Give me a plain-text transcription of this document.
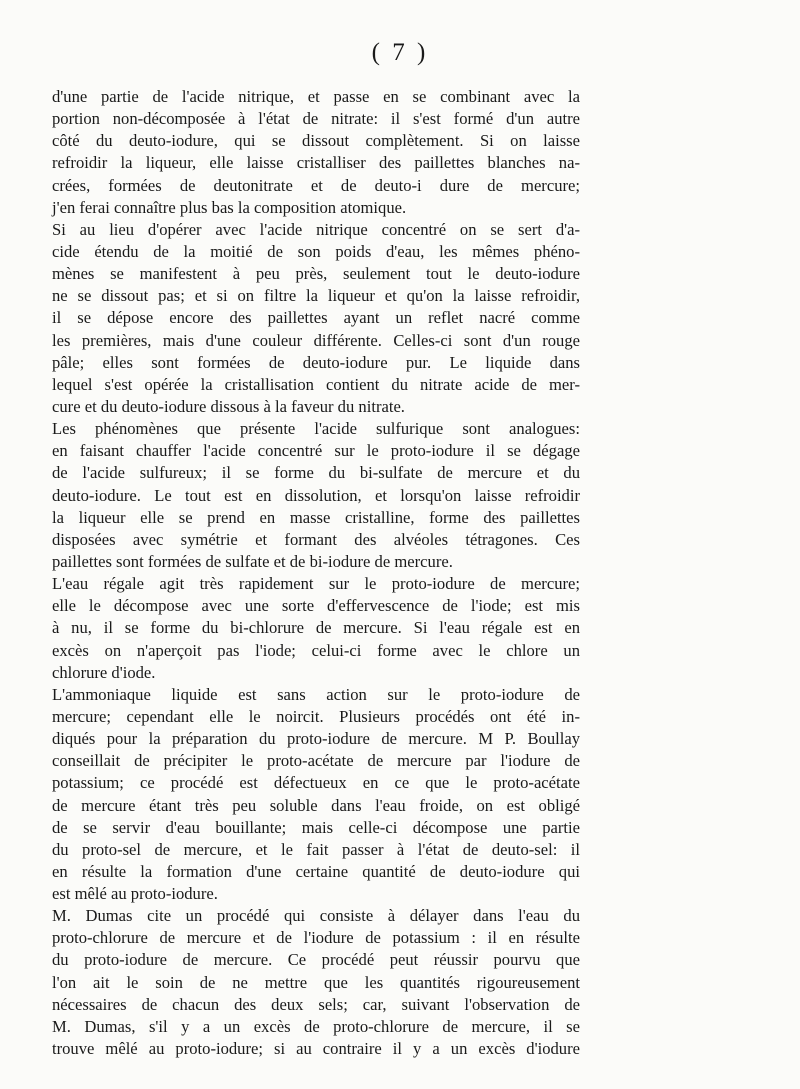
( 7 )
d'une partie de l'acide nitrique, et passe en se combinant avec la
portion non-décomposée à l'état de nitrate: il s'est formé d'un autre
côté du deuto-iodure, qui se dissout complètement. Si on laisse
refroidir la liqueur, elle laisse cristalliser des paillettes blanches na-
crées, formées de deutonitrate et de deuto-i dure de mercure;
j'en ferai connaître plus bas la composition atomique.
Si au lieu d'opérer avec l'acide nitrique concentré on se sert d'a-
cide étendu de la moitié de son poids d'eau, les mêmes phéno-
mènes se manifestent à peu près, seulement tout le deuto-iodure
ne se dissout pas; et si on filtre la liqueur et qu'on la laisse refroidir,
il se dépose encore des paillettes ayant un reflet nacré comme
les premières, mais d'une couleur différente. Celles-ci sont d'un rouge
pâle; elles sont formées de deuto-iodure pur. Le liquide dans
lequel s'est opérée la cristallisation contient du nitrate acide de mer-
cure et du deuto-iodure dissous à la faveur du nitrate.
Les phénomènes que présente l'acide sulfurique sont analogues:
en faisant chauffer l'acide concentré sur le proto-iodure il se dégage
de l'acide sulfureux; il se forme du bi-sulfate de mercure et du
deuto-iodure. Le tout est en dissolution, et lorsqu'on laisse refroidir
la liqueur elle se prend en masse cristalline, forme des paillettes
disposées avec symétrie et formant des alvéoles tétragones. Ces
paillettes sont formées de sulfate et de bi-iodure de mercure.
L'eau régale agit très rapidement sur le proto-iodure de mercure;
elle le décompose avec une sorte d'effervescence de l'iode; est mis
à nu, il se forme du bi-chlorure de mercure. Si l'eau régale est en
excès on n'aperçoit pas l'iode; celui-ci forme avec le chlore un
chlorure d'iode.
L'ammoniaque liquide est sans action sur le proto-iodure de
mercure; cependant elle le noircit. Plusieurs procédés ont été in-
diqués pour la préparation du proto-iodure de mercure. M P. Boullay
conseillait de précipiter le proto-acétate de mercure par l'iodure de
potassium; ce procédé est défectueux en ce que le proto-acétate
de mercure étant très peu soluble dans l'eau froide, on est obligé
de se servir d'eau bouillante; mais celle-ci décompose une partie
du proto-sel de mercure, et le fait passer à l'état de deuto-sel: il
en résulte la formation d'une certaine quantité de deuto-iodure qui
est mêlé au proto-iodure.
M. Dumas cite un procédé qui consiste à délayer dans l'eau du
proto-chlorure de mercure et de l'iodure de potassium : il en résulte
du proto-iodure de mercure. Ce procédé peut réussir pourvu que
l'on ait le soin de ne mettre que les quantités rigoureusement
nécessaires de chacun des deux sels; car, suivant l'observation de
M. Dumas, s'il y a un excès de proto-chlorure de mercure, il se
trouve mêlé au proto-iodure; si au contraire il y a un excès d'iodure
